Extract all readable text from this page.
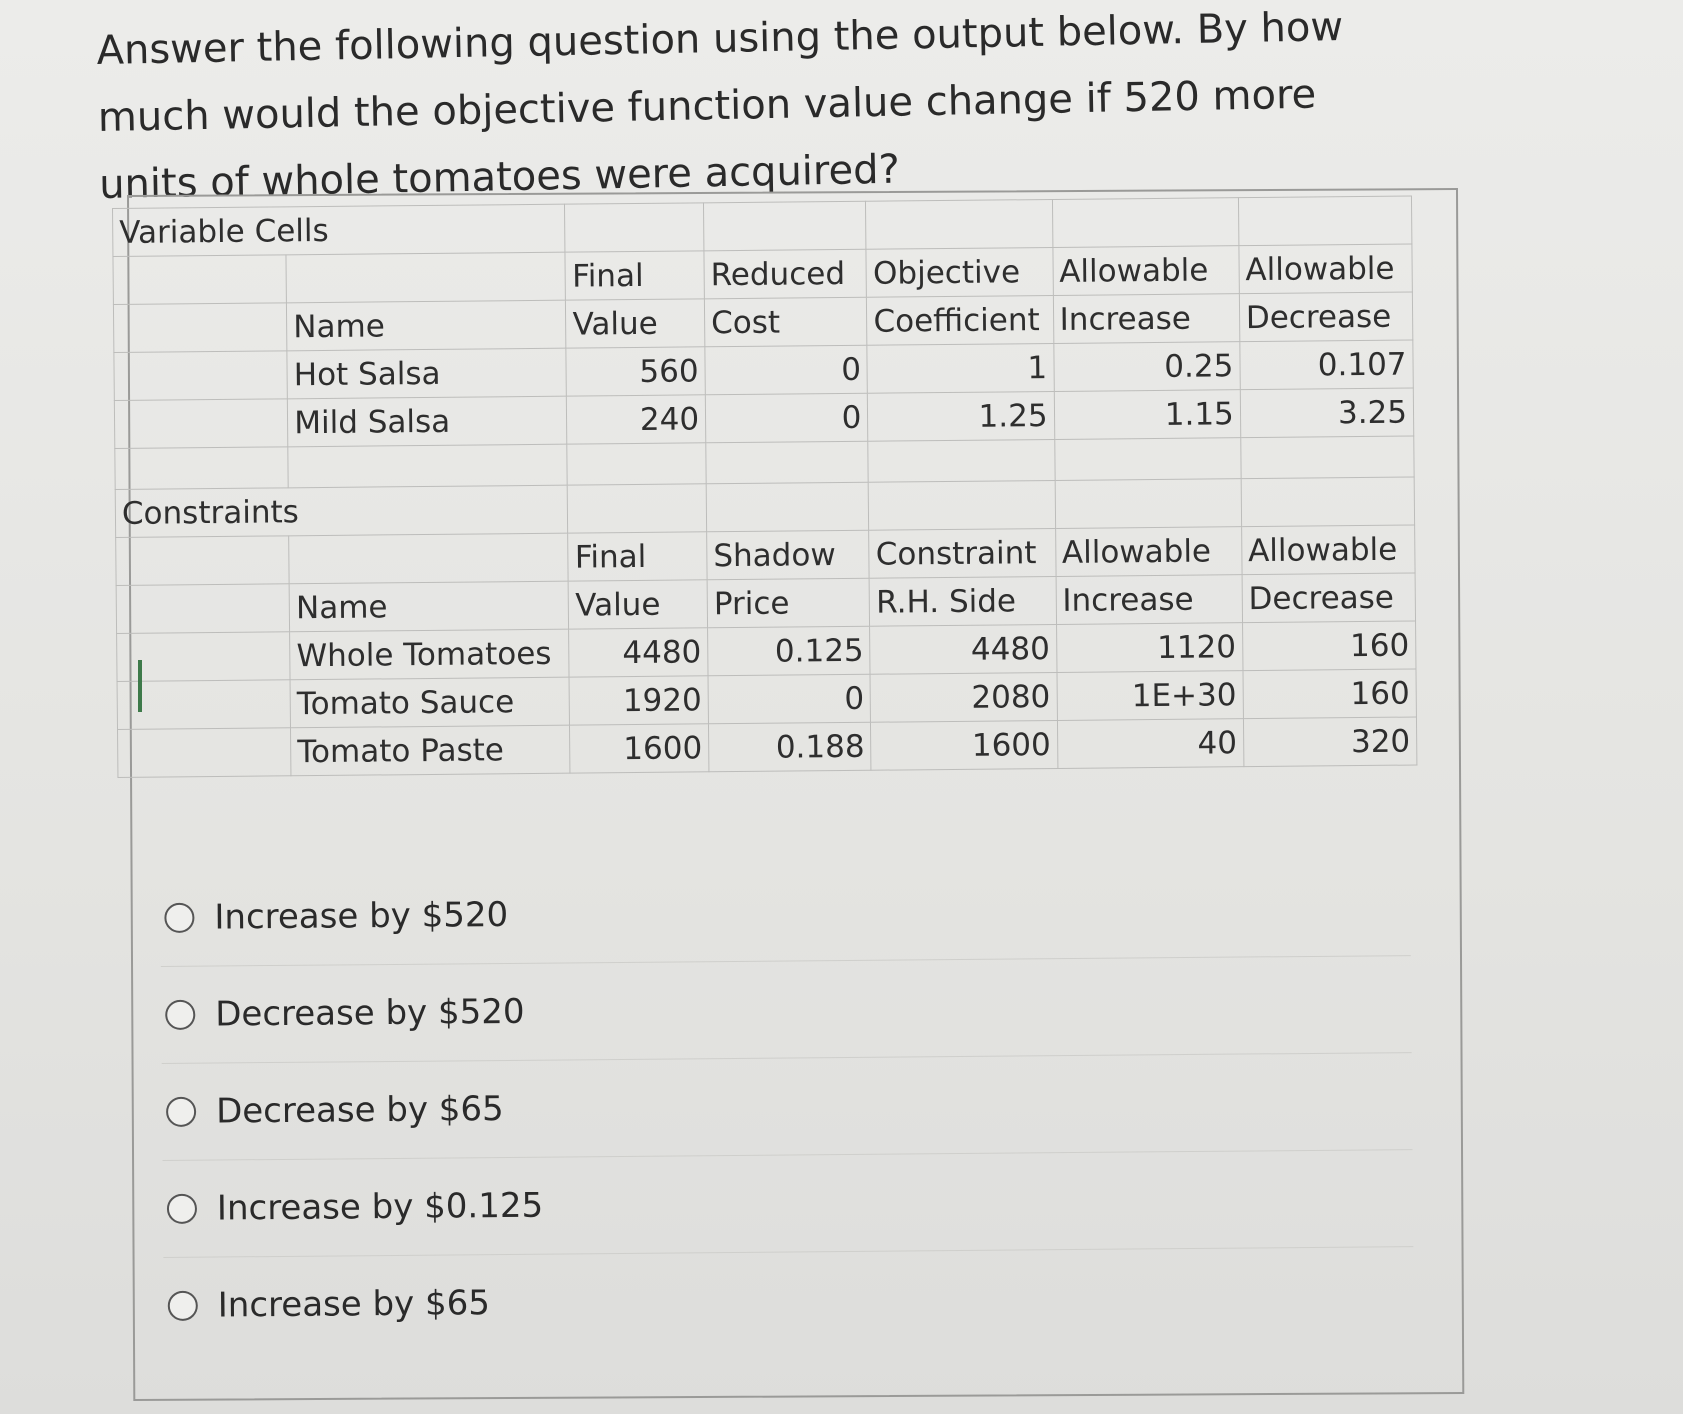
Answer the following question using the output below. By how much would the objective function value change if 520 more units of whole tomatoes were acquired?
Variable Cells						
		Final	Reduced	Objective	Allowable	Allowable
	Name	Value	Cost	Coefficient	Increase	Decrease
	Hot Salsa	560	0	1	0.25	0.107
	Mild Salsa	240	0	1.25	1.15	3.25

Constraints						
		Final	Shadow	Constraint	Allowable	Allowable
	Name	Value	Price	R.H. Side	Increase	Decrease
	Whole Tomatoes	4480	0.125	4480	1120	160
	Tomato Sauce	1920	0	2080	1E+30	160
	Tomato Paste	1600	0.188	1600	40	320
Increase by $520
Decrease by $520
Decrease by $65
Increase by $0.125
Increase by $65
